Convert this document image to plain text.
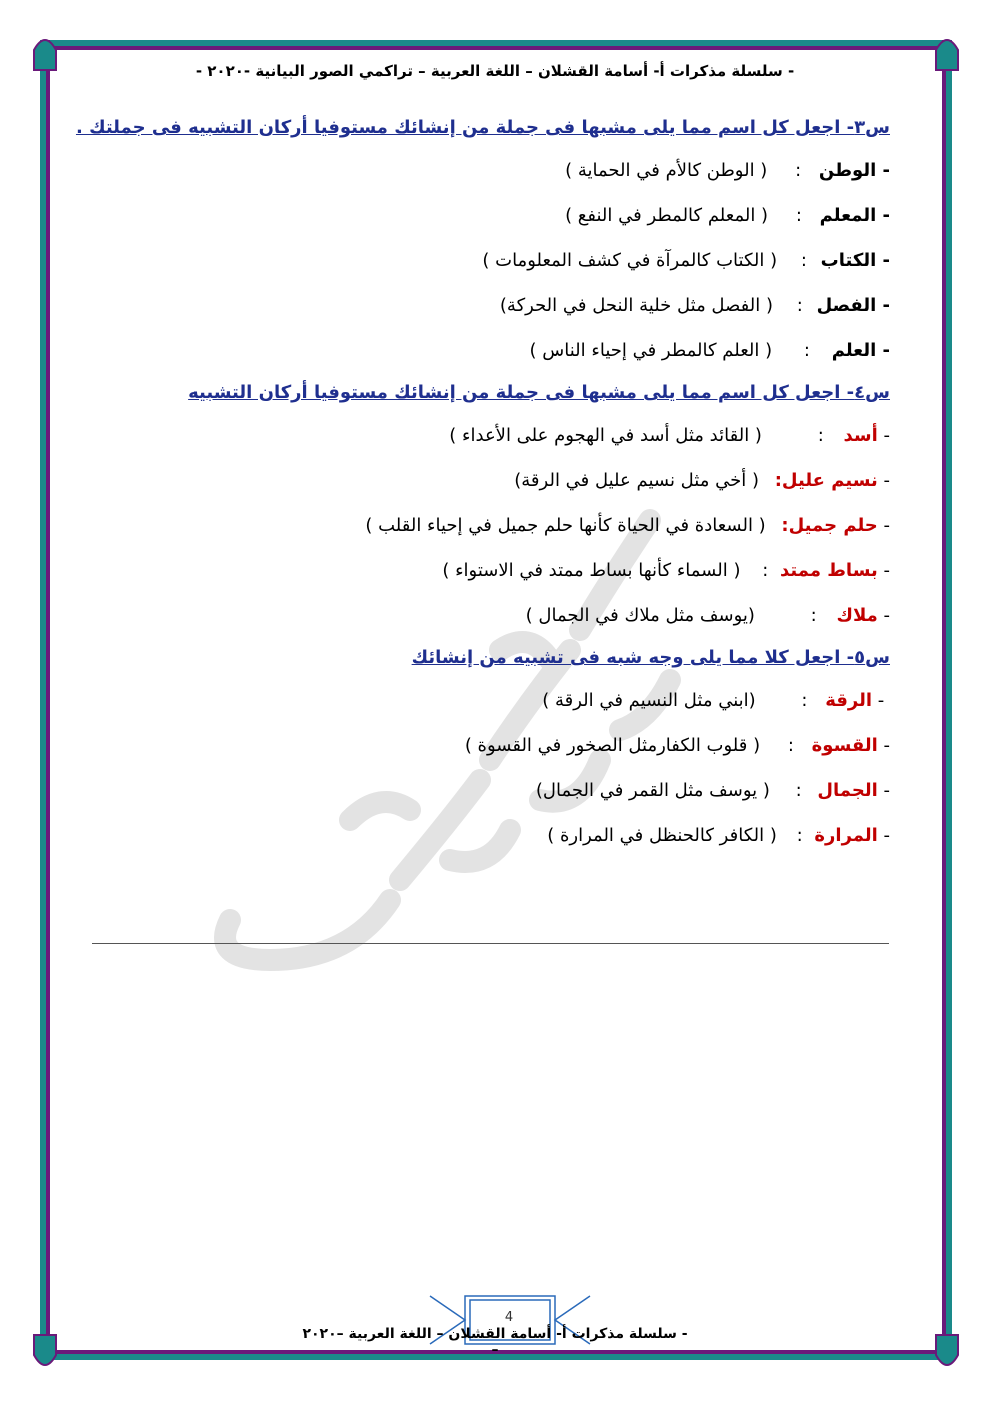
- سلسلة مذكرات أ- أسامة القشلان – اللغة العربية – تراكمي الصور البيانية -٢٠٢٠ -
س٣- اجعل كل اسم مما يلى مشبها فى جملة من إنشائك مستوفيا أركان التشبيه فى جملتك .
- الوطن : ( الوطن كالأم في الحماية )
- المعلم : ( المعلم كالمطر في النفع )
- الكتاب : ( الكتاب كالمرآة في كشف المعلومات )
- الفصل : ( الفصل مثل خلية النحل في الحركة)
- العلم : ( العلم كالمطر في إحياء الناس )
س٤- اجعل كل اسم مما يلى مشبها فى جملة من إنشائك مستوفيا أركان التشبيه
- أسد : ( القائد مثل أسد في الهجوم على الأعداء )
- نسيم عليل: ( أخي مثل نسيم عليل في الرقة)
- حلم جميل: ( السعادة في الحياة كأنها حلم جميل في إحياء القلب )
- بساط ممتد : ( السماء كأنها بساط ممتد في الاستواء )
- ملاك : (يوسف مثل ملاك في الجمال )
س٥- اجعل كلا مما يلى وجه شبه فى تشبيه من إنشائك
- الرقة : (ابني مثل النسيم في الرقة )
- القسوة : ( قلوب الكفارمثل الصخور في القسوة )
- الجمال : ( يوسف مثل القمر في الجمال)
- المرارة : ( الكافر كالحنظل في المرارة )
4
- سلسلة مذكرات أ- أسامة القشلان – اللغة العربية –٢٠٢٠ –
